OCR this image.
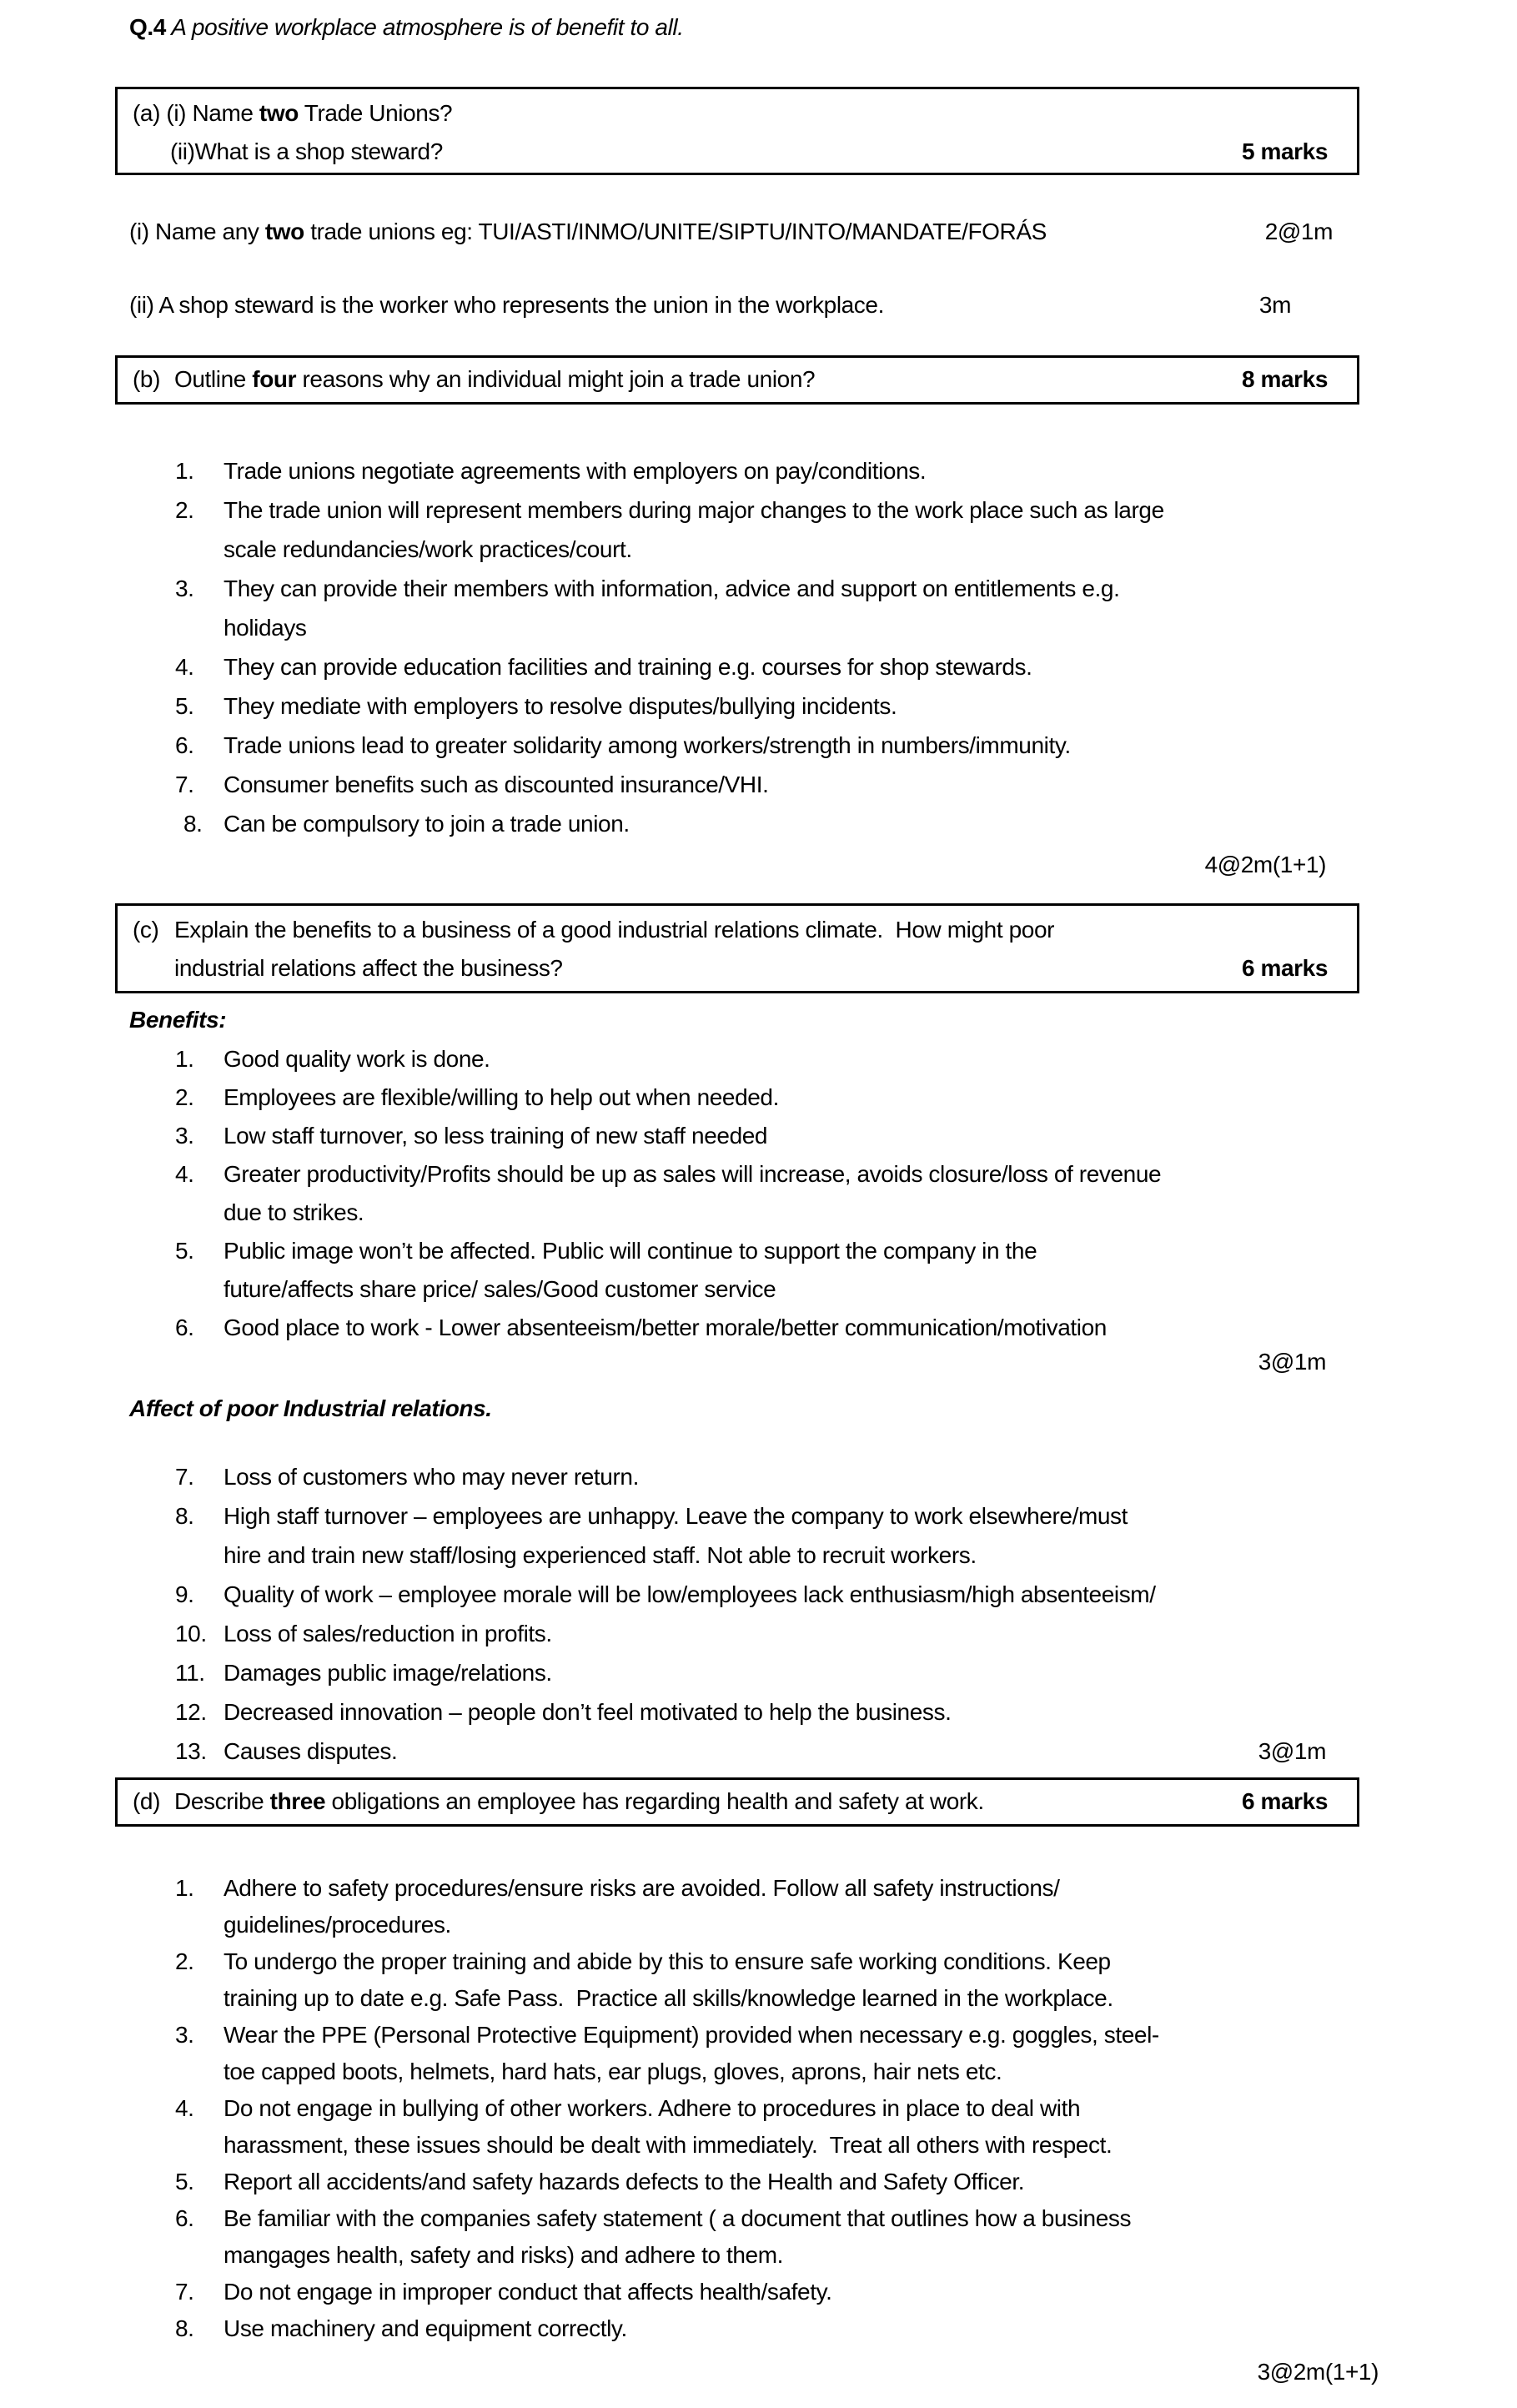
Q.4 A positive workplace atmosphere is of benefit to all.
(a) (i) Name two Trade Unions?
(ii)What is a shop steward?	5 marks
(i) Name any two trade unions eg: TUI/ASTI/INMO/UNITE/SIPTU/INTO/MANDATE/FORÁS	2@1m
(ii) A shop steward is the worker who represents the union in the workplace.	3m
(b) Outline four reasons why an individual might join a trade union?	8 marks
1.	Trade unions negotiate agreements with employers on pay/conditions.
2.	The trade union will represent members during major changes to the work place such as large
scale redundancies/work practices/court.
3.	They can provide their members with information, advice and support on entitlements e.g.
holidays
4.	They can provide education facilities and training e.g. courses for shop stewards.
5.	They mediate with employers to resolve disputes/bullying incidents.
6.	Trade unions lead to greater solidarity among workers/strength in numbers/immunity.
7.	Consumer benefits such as discounted insurance/VHI.
8. Can be compulsory to join a trade union.
4@2m(1+1)
(c) Explain the benefits to a business of a good industrial relations climate.  How might poor
industrial relations affect the business?	6 marks
Benefits:
1.	Good quality work is done.
2.	Employees are flexible/willing to help out when needed.
3.	Low staff turnover, so less training of new staff needed
4.	Greater productivity/Profits should be up as sales will increase, avoids closure/loss of revenue
due to strikes.
5.	Public image won’t be affected. Public will continue to support the company in the
future/affects share price/ sales/Good customer service
6.	Good place to work - Lower absenteeism/better morale/better communication/motivation
3@1m
Affect of poor Industrial relations.
7.	Loss of customers who may never return.
8.	High staff turnover – employees are unhappy. Leave the company to work elsewhere/must
hire and train new staff/losing experienced staff. Not able to recruit workers.
9.	Quality of work – employee morale will be low/employees lack enthusiasm/high absenteeism/
10. Loss of sales/reduction in profits.
11. Damages public image/relations.
12. Decreased innovation – people don’t feel motivated to help the business.
13. Causes disputes.	3@1m
(d) Describe three obligations an employee has regarding health and safety at work.	6 marks
1.	Adhere to safety procedures/ensure risks are avoided. Follow all safety instructions/
guidelines/procedures.
2.	To undergo the proper training and abide by this to ensure safe working conditions. Keep
training up to date e.g. Safe Pass.  Practice all skills/knowledge learned in the workplace.
3.	Wear the PPE (Personal Protective Equipment) provided when necessary e.g. goggles, steel-
toe capped boots, helmets, hard hats, ear plugs, gloves, aprons, hair nets etc.
4.	Do not engage in bullying of other workers. Adhere to procedures in place to deal with
harassment, these issues should be dealt with immediately.  Treat all others with respect.
5.	Report all accidents/and safety hazards defects to the Health and Safety Officer.
6.	Be familiar with the companies safety statement ( a document that outlines how a business
mangages health, safety and risks) and adhere to them.
7.	Do not engage in improper conduct that affects health/safety.
8.	Use machinery and equipment correctly.
3@2m(1+1)
